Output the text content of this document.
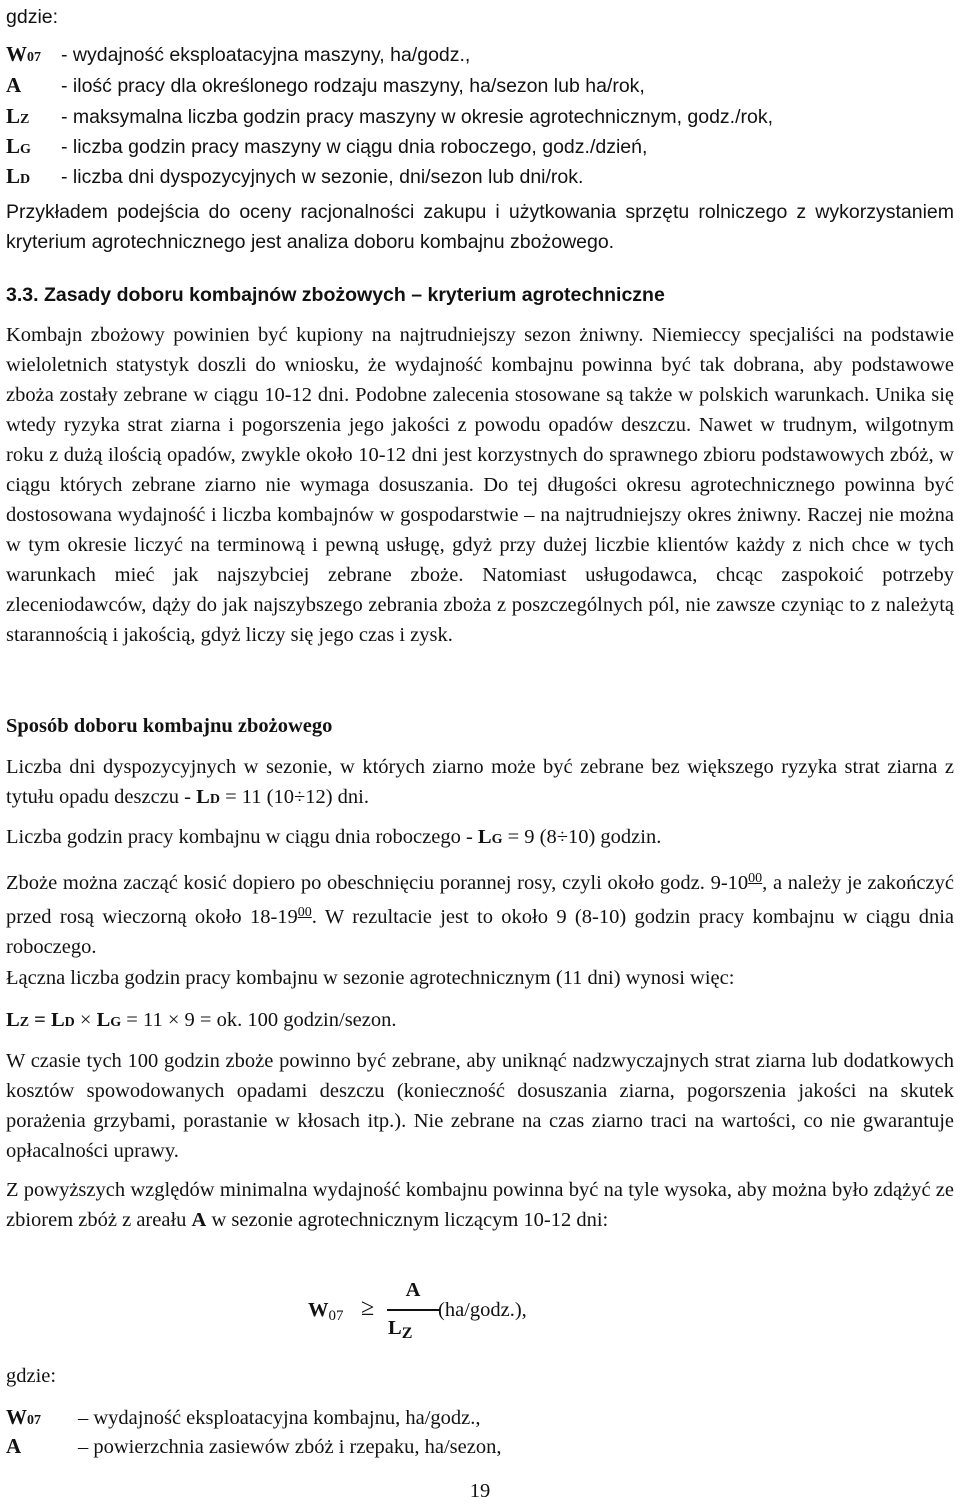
gdzie:
W07 - wydajność eksploatacyjna maszyny, ha/godz.,
A - ilość pracy dla określonego rodzaju maszyny, ha/sezon lub ha/rok,
LZ - maksymalna liczba godzin pracy maszyny w okresie agrotechnicznym, godz./rok,
LG - liczba godzin pracy maszyny w ciągu dnia roboczego, godz./dzień,
LD - liczba dni dyspozycyjnych w sezonie, dni/sezon lub dni/rok.
Przykładem podejścia do oceny racjonalności zakupu i użytkowania sprzętu rolniczego z wykorzystaniem kryterium agrotechnicznego jest analiza doboru kombajnu zbożowego.
3.3. Zasady doboru kombajnów zbożowych – kryterium agrotechniczne
Kombajn zbożowy powinien być kupiony na najtrudniejszy sezon żniwny. Niemieccy specjaliści na podstawie wieloletnich statystyk doszli do wniosku, że wydajność kombajnu powinna być tak dobrana, aby podstawowe zboża zostały zebrane w ciągu 10-12 dni. Podobne zalecenia stosowane są także w polskich warunkach. Unika się wtedy ryzyka strat ziarna i pogorszenia jego jakości z powodu opadów deszczu. Nawet w trudnym, wilgotnym roku z dużą ilością opadów, zwykle około 10-12 dni jest korzystnych do sprawnego zbioru podstawowych zbóż, w ciągu których zebrane ziarno nie wymaga dosuszania. Do tej długości okresu agrotechnicznego powinna być dostosowana wydajność i liczba kombajnów w gospodarstwie – na najtrudniejszy okres żniwny. Raczej nie można w tym okresie liczyć na terminową i pewną usługę, gdyż przy dużej liczbie klientów każdy z nich chce w tych warunkach mieć jak najszybciej zebrane zboże. Natomiast usługodawca, chcąc zaspokoić potrzeby zleceniodawców, dąży do jak najszybszego zebrania zboża z poszczególnych pól, nie zawsze czyniąc to z należytą starannością i jakością, gdyż liczy się jego czas i zysk.
Sposób doboru kombajnu zbożowego
Liczba dni dyspozycyjnych w sezonie, w których ziarno może być zebrane bez większego ryzyka strat ziarna z tytułu opadu deszczu - LD = 11 (10÷12) dni.
Liczba godzin pracy kombajnu w ciągu dnia roboczego - LG = 9 (8÷10) godzin.
Zboże można zacząć kosić dopiero po obeschnięciu porannej rosy, czyli około godz. $9-10^{00}$, a należy je zakończyć przed rosą wieczorną około $18-19^{00}$. W rezultacie jest to około 9 (8-10) godzin pracy kombajnu w ciągu dnia roboczego.
Łączna liczba godzin pracy kombajnu w sezonie agrotechnicznym (11 dni) wynosi więc:
LZ = LD × LG = 11 × 9 = ok. 100 godzin/sezon.
W czasie tych 100 godzin zboże powinno być zebrane, aby uniknąć nadzwyczajnych strat ziarna lub dodatkowych kosztów spowodowanych opadami deszczu (konieczność dosuszania ziarna, pogorszenia jakości na skutek porażenia grzybami, porastanie w kłosach itp.). Nie zebrane na czas ziarno traci na wartości, co nie gwarantuje opłacalności uprawy.
Z powyższych względów minimalna wydajność kombajnu powinna być na tyle wysoka, aby można było zdążyć ze zbiorem zbóż z areału A w sezonie agrotechnicznym liczącym 10-12 dni:
W07 ≥
A
LZ
(ha/godz.),
gdzie:
W07 – wydajność eksploatacyjna kombajnu, ha/godz.,
A	– powierzchnia zasiewów zbóż i rzepaku, ha/sezon,
19
